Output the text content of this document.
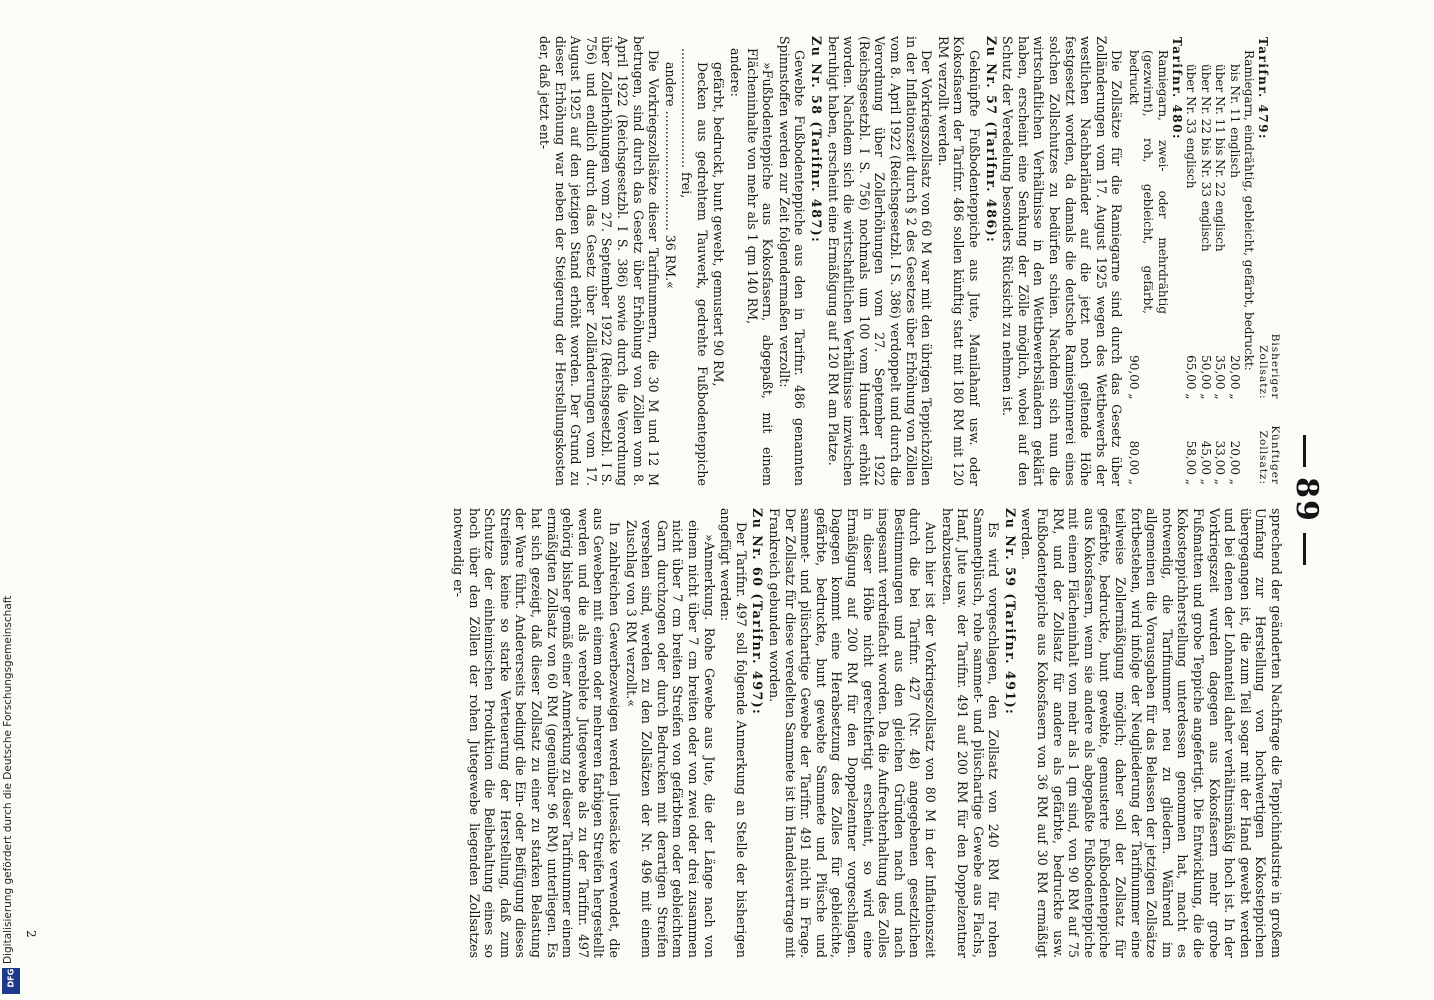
89
Tarifnr. 479:	Bisheriger Zollsatz:	Künftiger Zollsatz:
Ramiegarn, eindrähtig, gebleicht, gefärbt, bedruckt:		
bis Nr. 11 englisch	20,00 „	20,00 „
über Nr. 11 bis Nr. 22 englisch	35,00 „	33,00 „
über Nr. 22 bis Nr. 33 englisch	50,00 „	45,00 „
über Nr. 33 englisch	65,00 „	58,00 „
Tarifnr. 480:		
Ramiegarn, zwei- oder mehrdrähtig (gezwirnt), roh, gebleicht, gefärbt, bedruckt	90,00 „	80,00 „

Die Zollsätze für die Ramiegarne sind durch das Gesetz über Zolländerungen vom 17. August 1925 wegen des Wettbewerbs der westlichen Nachbarländer auf die jetzt noch geltende Höhe festgesetzt worden, da damals die deutsche Ramiespinnerei eines solchen Zollschutzes zu bedürfen schien. Nachdem sich nun die wirtschaftlichen Verhältnisse in den Wettbewerbsländern geklärt haben, erscheint eine Senkung der Zölle möglich, wobei auf den Schutz der Veredelung besonders Rücksicht zu nehmen ist.

Zu Nr. 57 (Tarifnr. 486):

Geknüpfte Fußbodenteppiche aus Jute, Manilahanf usw. oder Kokosfasern der Tarifnr. 486 sollen künftig statt mit 180 RM mit 120 RM verzollt werden.

Der Vorkriegszollsatz von 60 M war mit den übrigen Teppichzöllen in der Inflationszeit durch § 2 des Gesetzes über Erhöhung von Zöllen vom 8. April 1922 (Reichsgesetzbl. I S. 386) verdoppelt und durch die Verordnung über Zollerhöhungen vom 27. September 1922 (Reichsgesetzbl. I S. 756) nochmals um 100 vom Hundert erhöht worden. Nachdem sich die wirtschaftlichen Verhältnisse inzwischen beruhigt haben, erscheint eine Ermäßigung auf 120 RM am Platze.

Zu Nr. 58 (Tarifnr. 487):

Gewebte Fußbodenteppiche aus den in Tarifnr. 486 genannten Spinnstoffen werden zur Zeit folgendermaßen verzollt:

»Fußbodenteppiche aus Kokosfasern, abgepaßt, mit einem Flächeninhalte von mehr als 1 qm 140 RM,

andere:

gefärbt, bedruckt, bunt gewebt, gemustert 90 RM,

Decken aus gedrehtem Tauwerk, gedrehte Fußbodenteppiche .............................. frei,

andere .............................. 36 RM.«

Die Vorkriegszollsätze dieser Tarifnummern, die 30 M und 12 M betrugen, sind durch das Gesetz über Erhöhung von Zöllen vom 8. April 1922 (Reichsgesetzbl. I S. 386) sowie durch die Verordnung über Zollerhöhungen vom 27. September 1922 (Reichsgesetzbl. I S. 756) und endlich durch das Gesetz über Zolländerungen vom 17. August 1925 auf den jetzigen Stand erhöht worden. Der Grund zu dieser Erhöhung war neben der Steigerung der Herstellungskosten der, daß jetzt ent-

sprechend der geänderten Nachfrage die Teppichindustrie in großem Umfang zur Herstellung von hochwertigen Kokosteppichen übergegangen ist, die zum Teil sogar mit der Hand gewebt werden und bei denen der Lohnanteil daher verhältnismäßig hoch ist. In der Vorkriegszeit wurden dagegen aus Kokosfasern mehr grobe Fußmatten und grobe Teppiche angefertigt. Die Entwicklung, die die Kokosteppichherstellung unterdessen genommen hat, macht es notwendig, die Tarifnummer neu zu gliedern. Während im allgemeinen die Vorausgaben für das Belassen der jetzigen Zollsätze fortbestehen, wird infolge der Neugliederung der Tarifnummer eine teilweise Zollermäßigung möglich; daher soll der Zollsatz für gefärbte, bedruckte, bunt gewebte, gemusterte Fußbodenteppiche aus Kokosfasern, wenn sie andere als abgepaßte Fußbodenteppiche mit einem Flächeninhalt von mehr als 1 qm sind, von 90 RM auf 75 RM, und der Zollsatz für andere als gefärbte, bedruckte usw. Fußbodenteppiche aus Kokosfasern von 36 RM auf 30 RM ermäßigt werden.

Zu Nr. 59 (Tarifnr. 491):

Es wird vorgeschlagen, den Zollsatz von 240 RM für rohen Sammetplüsch, rohe sammet- und plüschartige Gewebe aus Flachs, Hanf, Jute usw. der Tarifnr. 491 auf 200 RM für den Doppelzentner herabzusetzen.

Auch hier ist der Vorkriegszollsatz von 80 M in der Inflationszeit durch die bei Tarifnr. 427 (Nr. 48) angegebenen gesetzlichen Bestimmungen und aus den gleichen Gründen nach und nach insgesamt verdreifacht worden. Da die Aufrechterhaltung des Zolles in dieser Höhe nicht gerechtfertigt erscheint, so wird eine Ermäßigung auf 200 RM für den Doppelzentner vorgeschlagen. Dagegen kommt eine Herabsetzung des Zolles für gebleichte, gefärbte, bedruckte, bunt gewebte Sammete und Plüsche und sammet- und plüschartige Gewebe der Tarifnr. 491 nicht in Frage. Der Zollsatz für diese veredelten Sammete ist im Handelsvertrage mit Frankreich gebunden worden.

Zu Nr. 60 (Tarifnr. 497):

Der Tarifnr. 497 soll folgende Anmerkung an Stelle der bisherigen angefügt werden:

»Anmerkung. Rohe Gewebe aus Jute, die der Länge nach von einem nicht über 7 cm breiten oder von zwei oder drei zusammen nicht über 7 cm breiten Streifen von gefärbtem oder gebleichtem Garn durchzogen oder durch Bedrucken mit derartigen Streifen versehen sind, werden zu den Zollsätzen der Nr. 496 mit einem Zuschlag von 3 RM verzollt.«

In zahlreichen Gewerbezweigen werden Jutesäcke verwendet, die aus Geweben mit einem oder mehreren farbigen Streifen hergestellt werden und die als vereblete Jutegewebe als zu der Tarifnr. 497 gehörig bisher gemäß einer Anmerkung zu dieser Tarifnummer einem ermäßigten Zollsatz von 60 RM (gegenüber 96 RM) unterliegen. Es hat sich gezeigt, daß dieser Zollsatz zu einer zu starken Belastung der Ware führt. Andererseits bedingt die Ein- oder Beifügung dieses Streifens keine so starke Verteuerung der Herstellung, daß zum Schutze der einheimischen Produktion die Beibehaltung eines so hoch über den Zöllen der rohen Jutegewebe liegenden Zollsatzes notwendig er-

2
Digitalisierung gefördert durch die Deutsche Forschungsgemeinschaft
DFG
